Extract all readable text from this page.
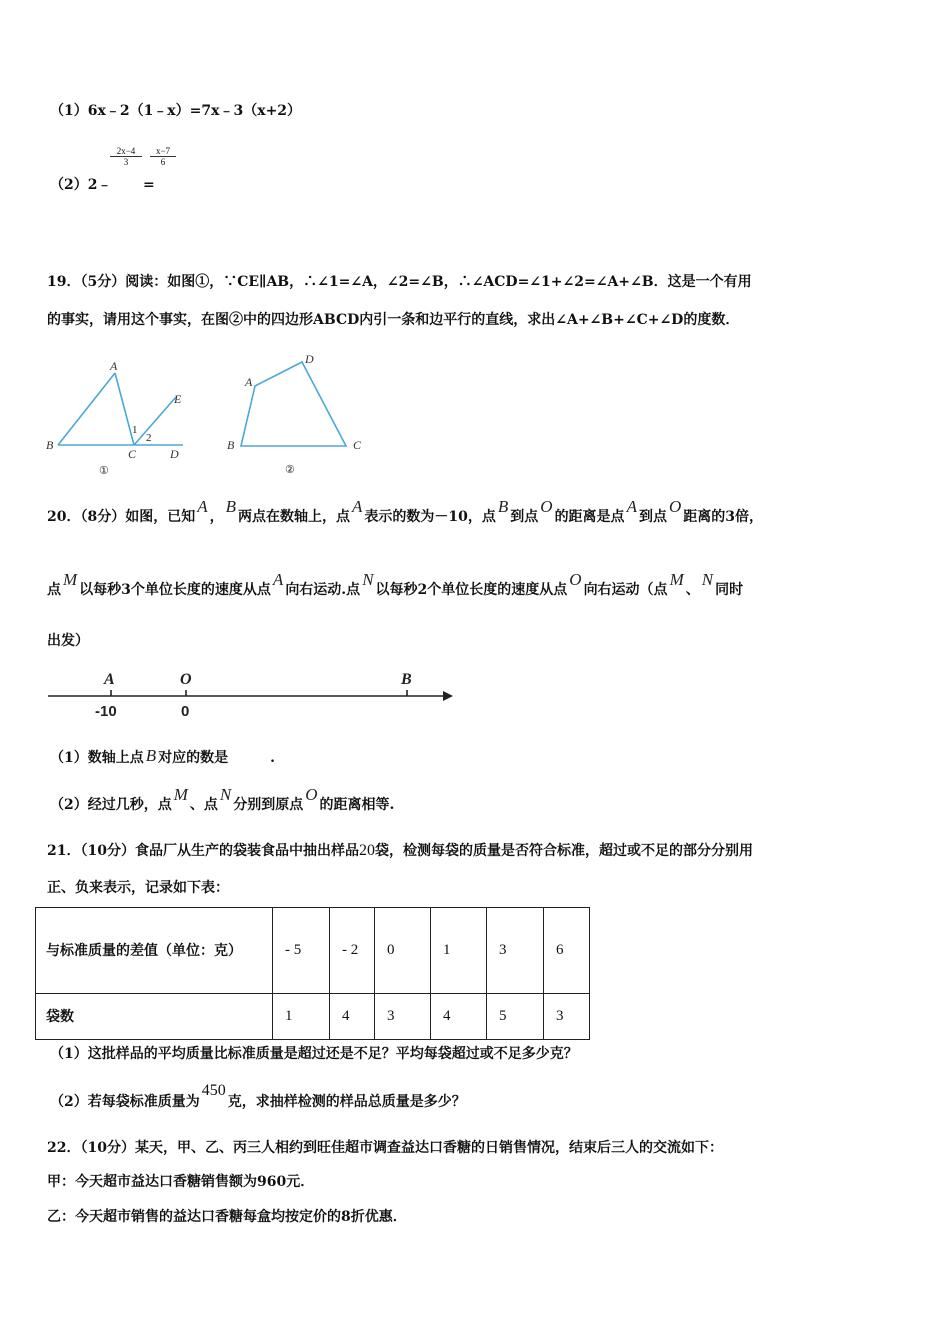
（1）6x﹣2（1﹣x）=7x﹣3（x+2）
（2）2﹣
$\frac{2x-4}{3} \frac{x-7}{6}$
=
19．（5分）阅读：如图①，∵CE∥AB，∴∠1=∠A，∠2=∠B，∴∠ACD=∠1+∠2=∠A+∠B．这是一个有用
的事实，请用这个事实，在图②中的四边形ABCD内引一条和边平行的直线，求出∠A+∠B+∠C+∠D的度数．
A
B
C	D
E
1
2
①
A
B	C
D
②
20．（8分）如图，已知A，B两点在数轴上，点A表示的数为－10，点B到点O的距离是点A到点O距离的3倍，
点M以每秒3个单位长度的速度从点A向右运动.点N以每秒2个单位长度的速度从点O向右运动（点M、N同时
出发）
A	O	B
-10	0
（1）数轴上点 B 对应的数是	.
（2）经过几秒，点M、点N分别到原点O的距离相等.
21．（10分）食品厂从生产的袋装食品中抽出样品20袋，检测每袋的质量是否符合标准，超过或不足的部分分别用
正、负来表示，记录如下表：
与标准质量的差值（单位：克）	- 5	- 2	0	1	3	6
袋数	1	4	3	4	5	3
（1）这批样品的平均质量比标准质量是超过还是不足？平均每袋超过或不足多少克？
（2）若每袋标准质量为450克，求抽样检测的样品总质量是多少？
22．（10分）某天，甲、乙、丙三人相约到旺佳超市调查益达口香糖的日销售情况，结束后三人的交流如下：
甲：今天超市益达口香糖销售额为960元．
乙：今天超市销售的益达口香糖每盒均按定价的8折优惠．
